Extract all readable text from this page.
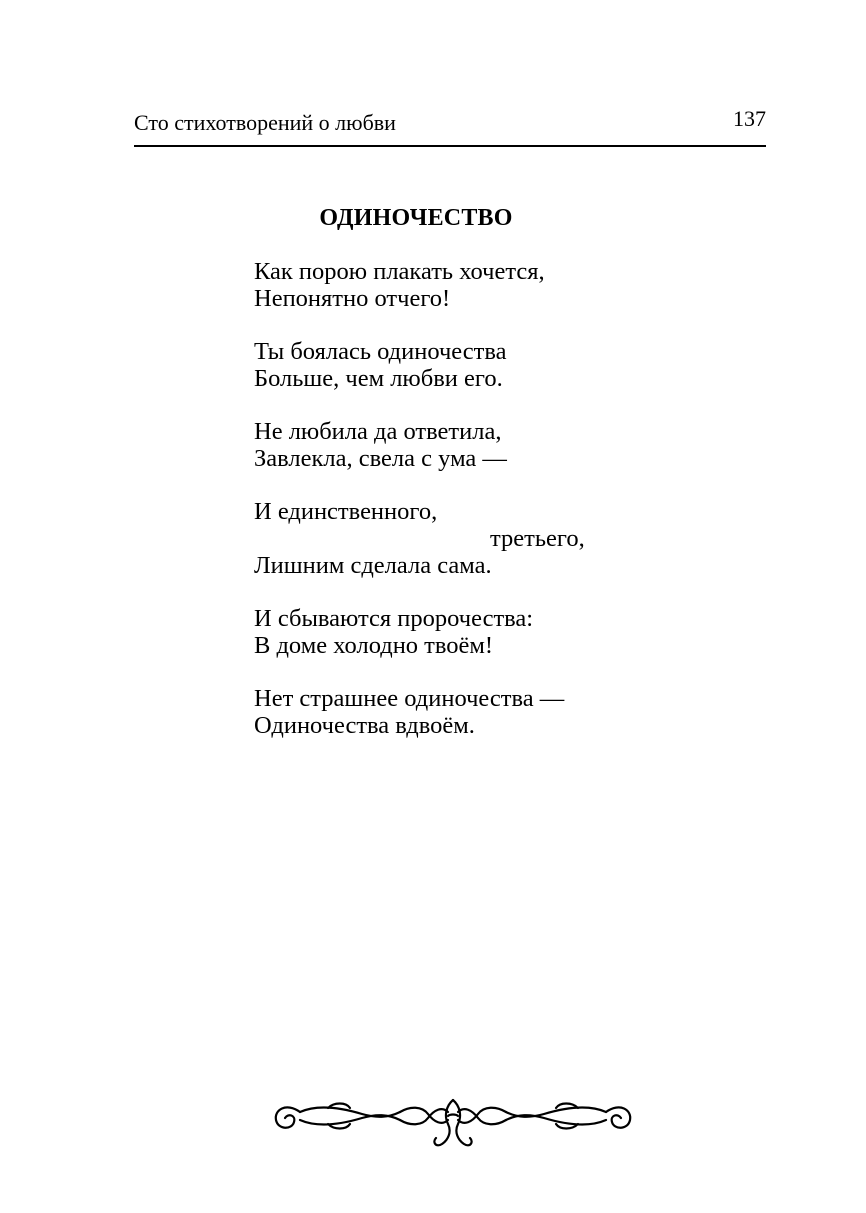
Сто стихотворений о любви	137
ОДИНОЧЕСТВО
Как порою плакать хочется,
Непонятно отчего!
Ты боялась одиночества
Больше, чем любви его.
Не любила да ответила,
Завлекла, свела с ума —
И единственного,
третьего,
Лишним сделала сама.
И сбываются пророчества:
В доме холодно твоём!
Нет страшнее одиночества —
Одиночества вдвоём.
